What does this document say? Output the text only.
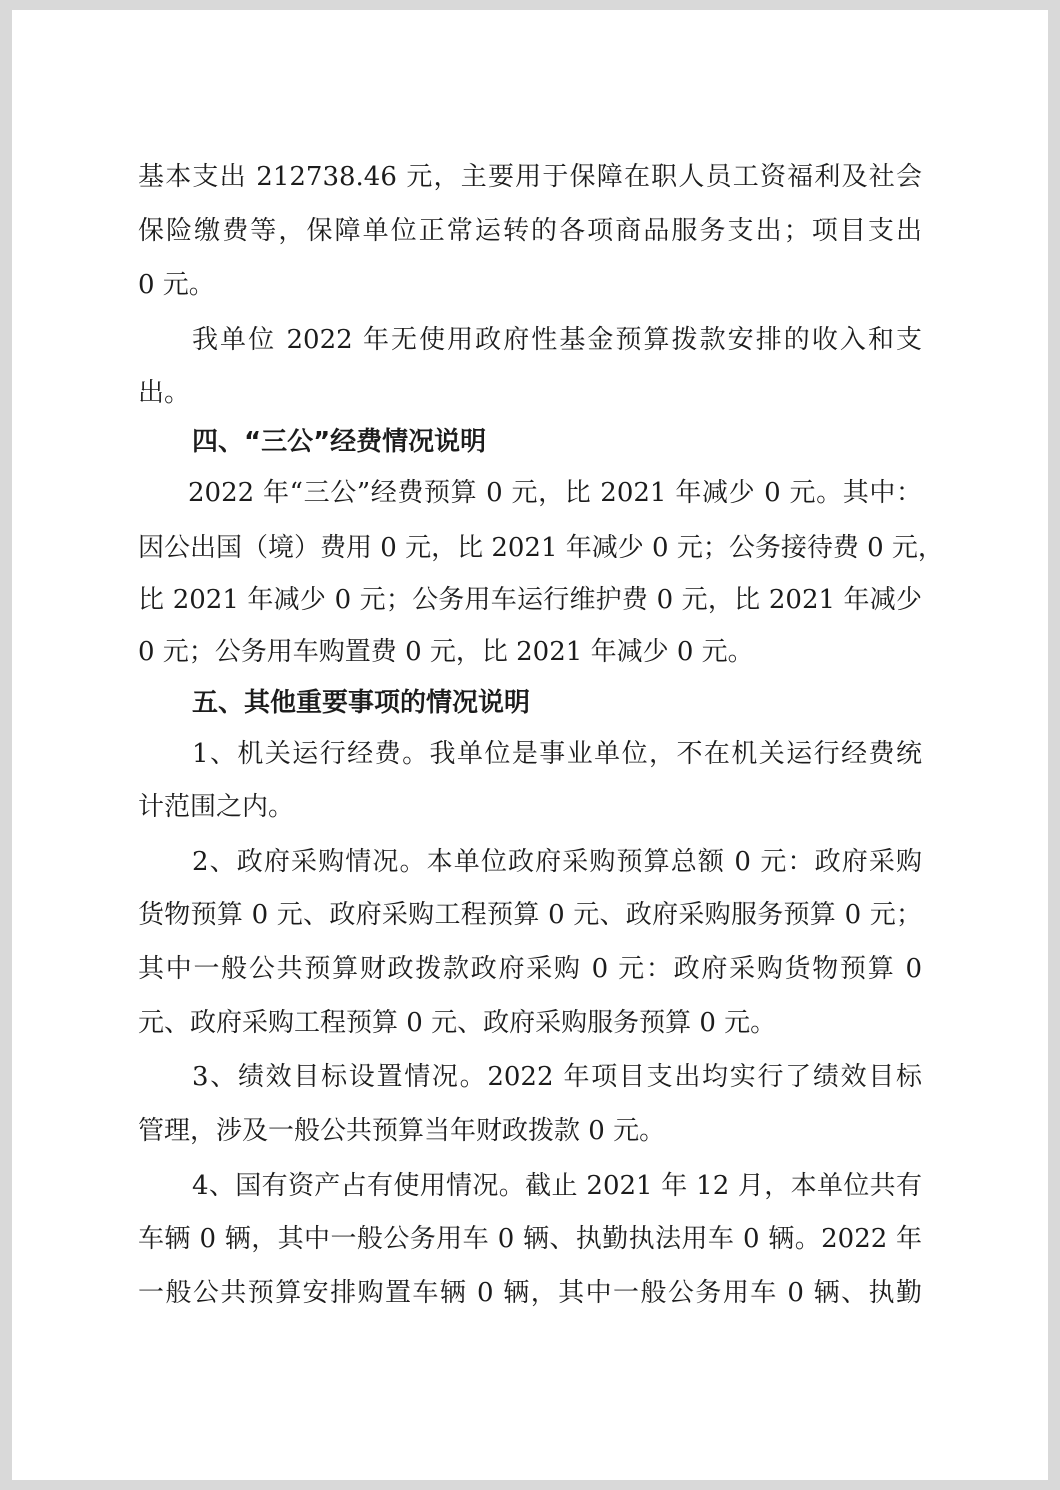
基本支出 212738.46 元，主要用于保障在职人员工资福利及社会
保险缴费等，保障单位正常运转的各项商品服务支出；项目支出
0 元。
我单位 2022 年无使用政府性基金预算拨款安排的收入和支
出。
四、“三公”经费情况说明
2022 年“三公”经费预算 0 元，比 2021 年减少 0 元。其中：
因公出国（境）费用 0 元，比 2021 年减少 0 元；公务接待费 0 元，
比 2021 年减少 0 元；公务用车运行维护费 0 元，比 2021 年减少
0 元；公务用车购置费 0 元，比 2021 年减少 0 元。
五、其他重要事项的情况说明
1、机关运行经费。我单位是事业单位，不在机关运行经费统
计范围之内。
2、政府采购情况。本单位政府采购预算总额 0 元：政府采购
货物预算 0 元、政府采购工程预算 0 元、政府采购服务预算 0 元；
其中一般公共预算财政拨款政府采购 0 元：政府采购货物预算 0
元、政府采购工程预算 0 元、政府采购服务预算 0 元。
3、绩效目标设置情况。2022 年项目支出均实行了绩效目标
管理，涉及一般公共预算当年财政拨款 0 元。
4、国有资产占有使用情况。截止 2021 年 12 月，本单位共有
车辆 0 辆，其中一般公务用车 0 辆、执勤执法用车 0 辆。2022 年
一般公共预算安排购置车辆 0 辆，其中一般公务用车 0 辆、执勤
